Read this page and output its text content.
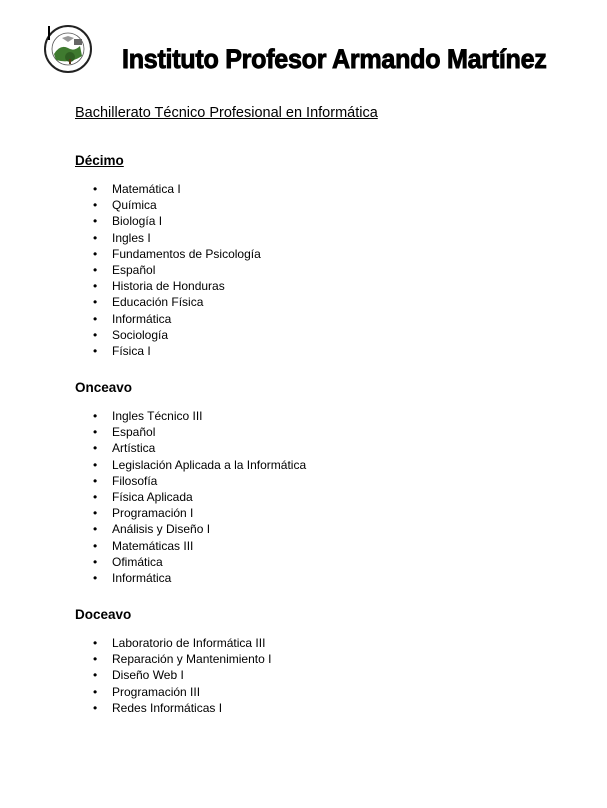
Instituto Profesor Armando Martínez
Bachillerato Técnico Profesional en Informática
Décimo
• Matemática I
• Química
• Biología I
• Ingles I
• Fundamentos de Psicología
• Español
• Historia de Honduras
• Educación Física
• Informática
• Sociología
• Física I
Onceavo
• Ingles Técnico III
• Español
• Artística
• Legislación Aplicada a la Informática
• Filosofía
• Física Aplicada
• Programación I
• Análisis y Diseño I
• Matemáticas III
• Ofimática
• Informática
Doceavo
• Laboratorio de Informática III
• Reparación y Mantenimiento I
• Diseño Web I
• Programación III
• Redes Informáticas I
